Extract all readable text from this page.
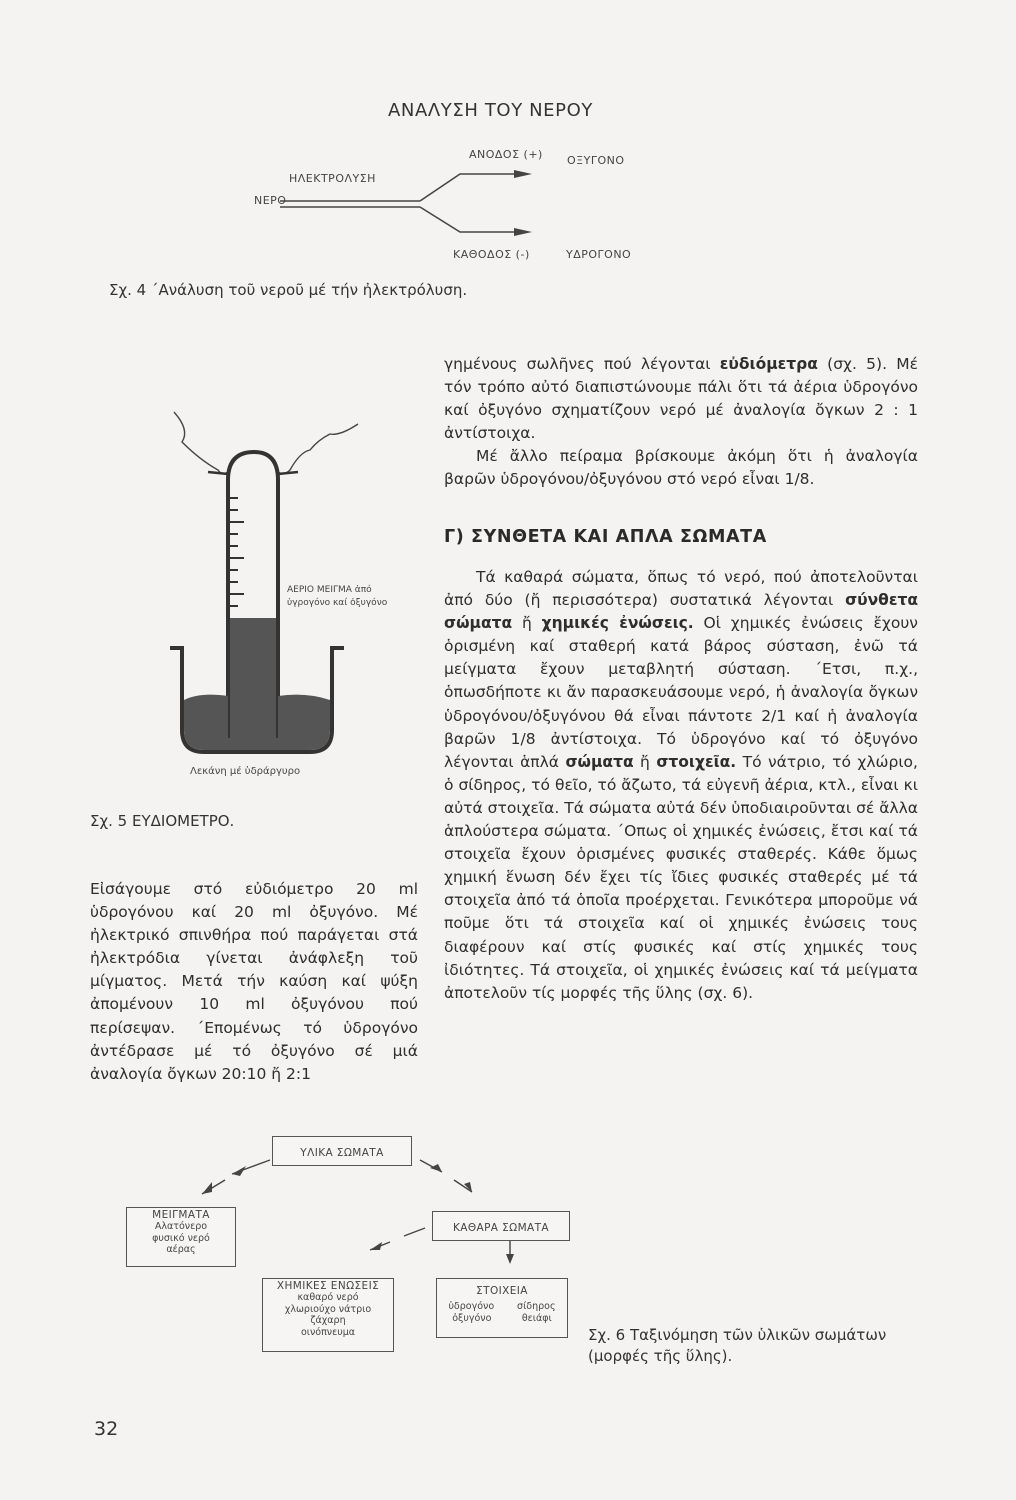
ΑΝΑΛΥΣΗ ΤΟΥ ΝΕΡΟΥ
ΝΕΡΟ
ΗΛΕΚΤΡΟΛΥΣΗ
ΑΝΟΔΟΣ (+) ΟΞΥΓΟΝΟ
ΚΑΘΟΔΟΣ (-)	ΥΔΡΟΓΟΝΟ
Σχ. 4 ΄Ανάλυση τοῦ νεροῦ μέ τήν ἠλεκτρόλυση.
ΑΕΡΙΟ ΜΕΙΓΜΑ ἀπό
ὑγρογόνο καί ὀξυγόνο
Λεκάνη μέ ὑδράργυρο
Σχ. 5 ΕΥΔΙΟΜΕΤΡΟ.

Εἰσάγουμε στό εὐδιόμετρο 20 ml ὑδρογόνου καί 20 ml ὀξυγόνο. Μέ ἠλεκτρικό σπινθήρα πού παράγεται στά ἠλεκτρόδια γίνεται ἀνάφλεξη τοῦ μίγματος. Μετά τήν καύση καί ψύξη ἀπομένουν 10 ml ὀξυγόνου πού περίσεψαν. ΄Επομένως τό ὑδρογόνο ἀντέδρασε μέ τό ὀξυγόνο σέ μιά ἀναλογία ὄγκων 20:10 ἤ 2:1

γημένους σωλῆνες πού λέγονται εὐδιόμετρα (σχ. 5). Μέ τόν τρόπο αὐτό διαπιστώνουμε πάλι ὅτι τά ἀέρια ὑδρογόνο καί ὀξυγόνο σχηματίζουν νερό μέ ἀναλογία ὄγκων 2 : 1 ἀντίστοιχα.

Μέ ἄλλο πείραμα βρίσκουμε ἀκόμη ὅτι ἡ ἀναλογία βαρῶν ὑδρογόνου/ὀξυγόνου στό νερό εἶναι 1/8.

Γ) ΣΥΝΘΕΤΑ ΚΑΙ ΑΠΛΑ ΣΩΜΑΤΑ

Τά καθαρά σώματα, ὅπως τό νερό, πού ἀποτελοῦνται ἀπό δύο (ἤ περισσότερα) συστατικά λέγονται σύνθετα σώματα ἤ χημικές ἐνώσεις. Οἱ χημικές ἐνώσεις ἔχουν ὁρισμένη καί σταθερή κατά βάρος σύσταση, ἐνῶ τά μείγματα ἔχουν μεταβλητή σύσταση. ΄Ετσι, π.χ., ὁπωσδήποτε κι ἄν παρασκευάσουμε νερό, ἡ ἀναλογία ὄγκων ὑδρογόνου/ὀξυγόνου θά εἶναι πάντοτε 2/1 καί ἡ ἀναλογία βαρῶν 1/8 ἀντίστοιχα. Τό ὑδρογόνο καί τό ὀξυγόνο λέγονται ἁπλά σώματα ἤ στοιχεῖα. Τό νάτριο, τό χλώριο, ὁ σίδηρος, τό θεῖο, τό ἄζωτο, τά εὐγενῆ ἀέρια, κτλ., εἶναι κι αὐτά στοιχεῖα. Τά σώματα αὐτά δέν ὑποδιαιροῦνται σέ ἄλλα ἁπλούστερα σώματα. ΄Οπως οἱ χημικές ἐνώσεις, ἔτσι καί τά στοιχεῖα ἔχουν ὁρισμένες φυσικές σταθερές. Κάθε ὅμως χημική ἕνωση δέν ἔχει τίς ἴδιες φυσικές σταθερές μέ τά στοιχεῖα ἀπό τά ὁποῖα προέρχεται. Γενικότερα μποροῦμε νά ποῦμε ὅτι τά στοιχεῖα καί οἱ χημικές ἐνώσεις τους διαφέρουν καί στίς φυσικές καί στίς χημικές τους ἰδιότητες. Τά στοιχεῖα, οἱ χημικές ἐνώσεις καί τά μείγματα ἀποτελοῦν τίς μορφές τῆς ὕλης (σχ. 6).

ΥΛΙΚΑ ΣΩΜΑΤΑ
ΜΕΙΓΜΑΤΑ
Αλατόνερο
φυσικό νερό
αέρας
ΚΑΘΑΡΑ ΣΩΜΑΤΑ
ΧΗΜΙΚΕΣ ΕΝΩΣΕΙΣ
καθαρό νερό
χλωριούχο νάτριο
ζάχαρη
οινόπνευμα
ΣΤΟΙΧΕΙΑ
ὑδρογόνο σίδηρος
ὀξυγόνο	θειάφι
Σχ. 6 Ταξινόμηση τῶν ὑλικῶν σωμάτων
(μορφές τῆς ὕλης).
32
